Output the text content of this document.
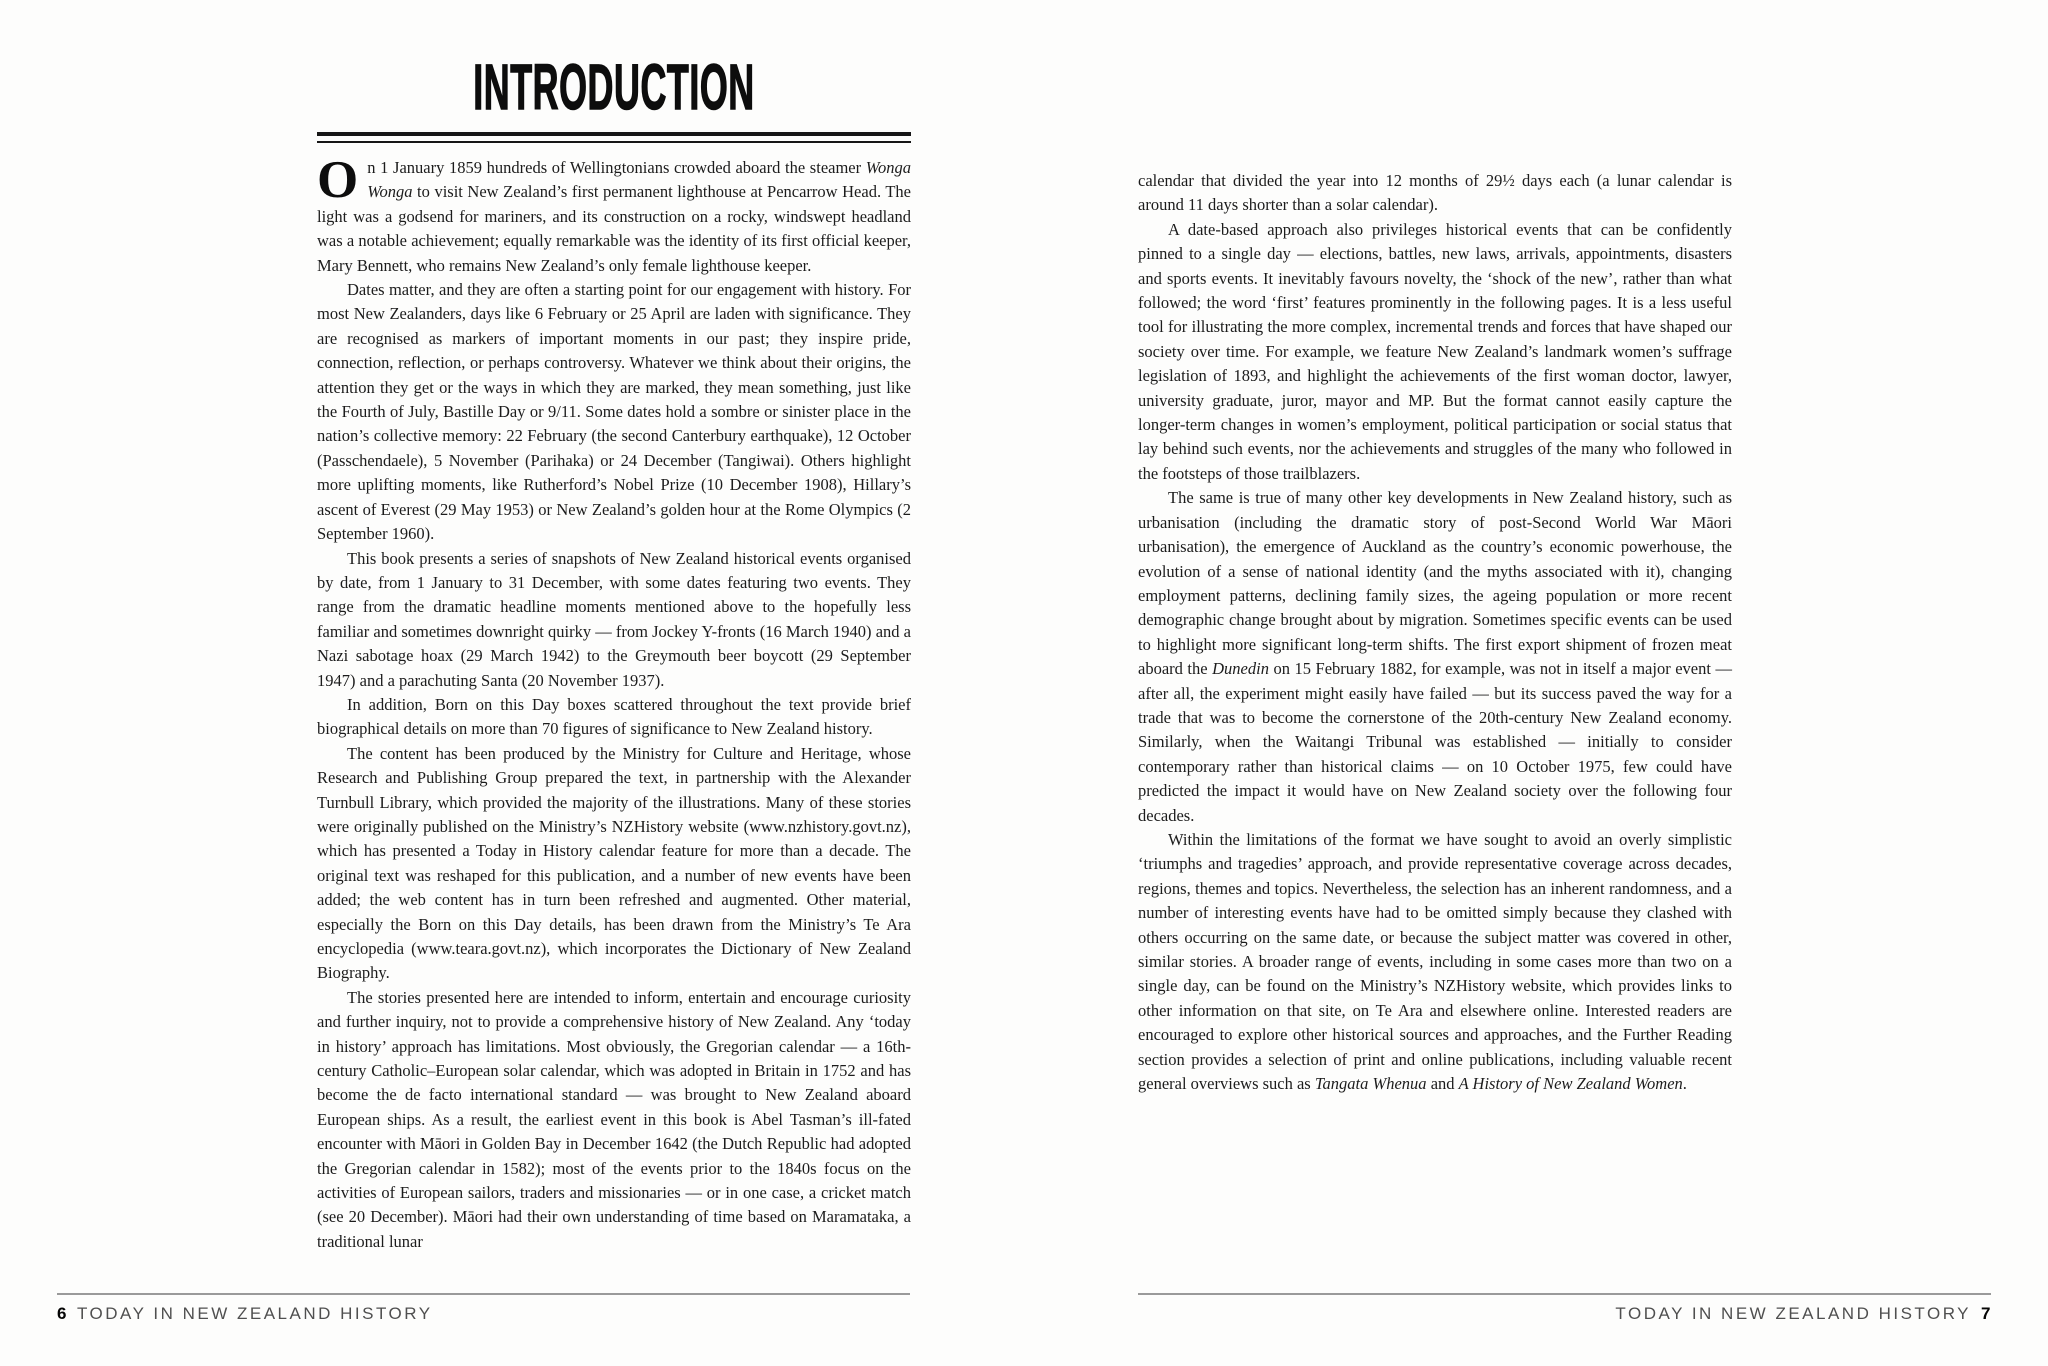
INTRODUCTION

On 1 January 1859 hundreds of Wellingtonians crowded aboard the steamer Wonga Wonga to visit New Zealand’s first permanent lighthouse at Pencarrow Head. The light was a godsend for mariners, and its construction on a rocky, windswept headland was a notable achievement; equally remarkable was the identity of its first official keeper, Mary Bennett, who remains New Zealand’s only female lighthouse keeper.

Dates matter, and they are often a starting point for our engagement with history. For most New Zealanders, days like 6 February or 25 April are laden with significance. They are recognised as markers of important moments in our past; they inspire pride, connection, reflection, or perhaps controversy. Whatever we think about their origins, the attention they get or the ways in which they are marked, they mean something, just like the Fourth of July, Bastille Day or 9/11. Some dates hold a sombre or sinister place in the nation’s collective memory: 22 February (the second Canterbury earthquake), 12 October (Passchendaele), 5 November (Parihaka) or 24 December (Tangiwai). Others highlight more uplifting moments, like Rutherford’s Nobel Prize (10 December 1908), Hillary’s ascent of Everest (29 May 1953) or New Zealand’s golden hour at the Rome Olympics (2 September 1960).

This book presents a series of snapshots of New Zealand historical events organised by date, from 1 January to 31 December, with some dates featuring two events. They range from the dramatic headline moments mentioned above to the hopefully less familiar and sometimes downright quirky — from Jockey Y-fronts (16 March 1940) and a Nazi sabotage hoax (29 March 1942) to the Greymouth beer boycott (29 September 1947) and a parachuting Santa (20 November 1937).

In addition, Born on this Day boxes scattered throughout the text provide brief biographical details on more than 70 figures of significance to New Zealand history.

The content has been produced by the Ministry for Culture and Heritage, whose Research and Publishing Group prepared the text, in partnership with the Alexander Turnbull Library, which provided the majority of the illustrations. Many of these stories were originally published on the Ministry’s NZHistory website (www.nzhistory.govt.nz), which has presented a Today in History calendar feature for more than a decade. The original text was reshaped for this publication, and a number of new events have been added; the web content has in turn been refreshed and augmented. Other material, especially the Born on this Day details, has been drawn from the Ministry’s Te Ara encyclopedia (www.teara.govt.nz), which incorporates the Dictionary of New Zealand Biography.

The stories presented here are intended to inform, entertain and encourage curiosity and further inquiry, not to provide a comprehensive history of New Zealand. Any ‘today in history’ approach has limitations. Most obviously, the Gregorian calendar — a 16th-century Catholic–European solar calendar, which was adopted in Britain in 1752 and has become the de facto international standard — was brought to New Zealand aboard European ships. As a result, the earliest event in this book is Abel Tasman’s ill-fated encounter with Māori in Golden Bay in December 1642 (the Dutch Republic had adopted the Gregorian calendar in 1582); most of the events prior to the 1840s focus on the activities of European sailors, traders and missionaries — or in one case, a cricket match (see 20 December). Māori had their own understanding of time based on Maramataka, a traditional lunar

calendar that divided the year into 12 months of 29½ days each (a lunar calendar is around 11 days shorter than a solar calendar).

A date-based approach also privileges historical events that can be confidently pinned to a single day — elections, battles, new laws, arrivals, appointments, disasters and sports events. It inevitably favours novelty, the ‘shock of the new’, rather than what followed; the word ‘first’ features prominently in the following pages. It is a less useful tool for illustrating the more complex, incremental trends and forces that have shaped our society over time. For example, we feature New Zealand’s landmark women’s suffrage legislation of 1893, and highlight the achievements of the first woman doctor, lawyer, university graduate, juror, mayor and MP. But the format cannot easily capture the longer-term changes in women’s employment, political participation or social status that lay behind such events, nor the achievements and struggles of the many who followed in the footsteps of those trailblazers.

The same is true of many other key developments in New Zealand history, such as urbanisation (including the dramatic story of post-Second World War Māori urbanisation), the emergence of Auckland as the country’s economic powerhouse, the evolution of a sense of national identity (and the myths associated with it), changing employment patterns, declining family sizes, the ageing population or more recent demographic change brought about by migration. Sometimes specific events can be used to highlight more significant long-term shifts. The first export shipment of frozen meat aboard the Dunedin on 15 February 1882, for example, was not in itself a major event — after all, the experiment might easily have failed — but its success paved the way for a trade that was to become the cornerstone of the 20th-century New Zealand economy. Similarly, when the Waitangi Tribunal was established — initially to consider contemporary rather than historical claims — on 10 October 1975, few could have predicted the impact it would have on New Zealand society over the following four decades.

Within the limitations of the format we have sought to avoid an overly simplistic ‘triumphs and tragedies’ approach, and provide representative coverage across decades, regions, themes and topics. Nevertheless, the selection has an inherent randomness, and a number of interesting events have had to be omitted simply because they clashed with others occurring on the same date, or because the subject matter was covered in other, similar stories. A broader range of events, including in some cases more than two on a single day, can be found on the Ministry’s NZHistory website, which provides links to other information on that site, on Te Ara and elsewhere online. Interested readers are encouraged to explore other historical sources and approaches, and the Further Reading section provides a selection of print and online publications, including valuable recent general overviews such as Tangata Whenua and A History of New Zealand Women.

6 TODAY IN NEW ZEALAND HISTORY	TODAY IN NEW ZEALAND HISTORY 7
